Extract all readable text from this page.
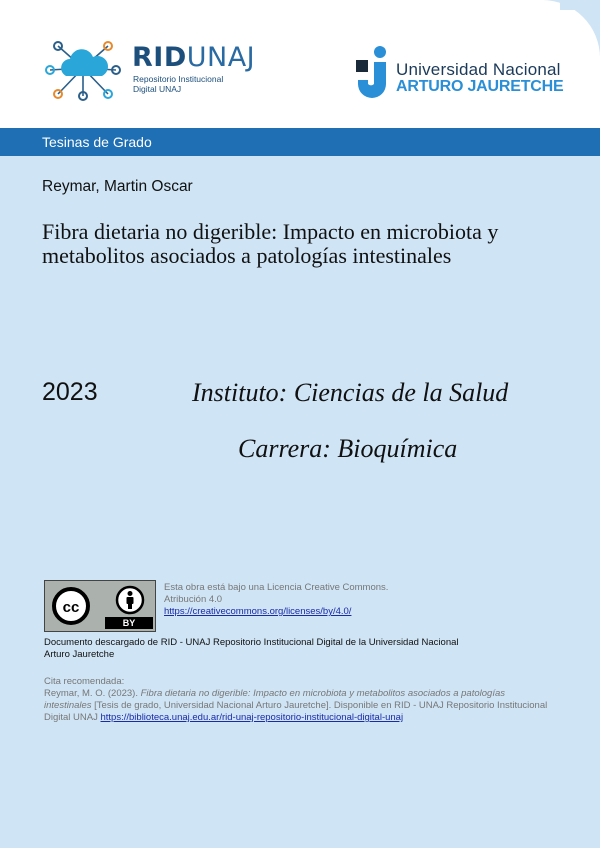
RIDUNAJ
Repositorio Institucional
Digital UNAJ
Universidad Nacional
ARTURO JAURETCHE
Tesinas de Grado
Reymar, Martin Oscar
Fibra dietaria no digerible: Impacto en microbiota y metabolitos asociados a patologías intestinales
2023	Instituto: Ciencias de la Salud
Carrera: Bioquímica
cc
BY
Esta obra está bajo una Licencia Creative Commons.
Atribución 4.0
https://creativecommons.org/licenses/by/4.0/
Documento descargado de RID - UNAJ Repositorio Institucional Digital de la Universidad Nacional Arturo Jauretche
Cita recomendada:
Reymar, M. O. (2023). Fibra dietaria no digerible: Impacto en microbiota y metabolitos asociados a patologías intestinales [Tesis de grado, Universidad Nacional Arturo Jauretche]. Disponible en RID - UNAJ Repositorio Institucional Digital UNAJ https://biblioteca.unaj.edu.ar/rid-unaj-repositorio-institucional-digital-unaj
